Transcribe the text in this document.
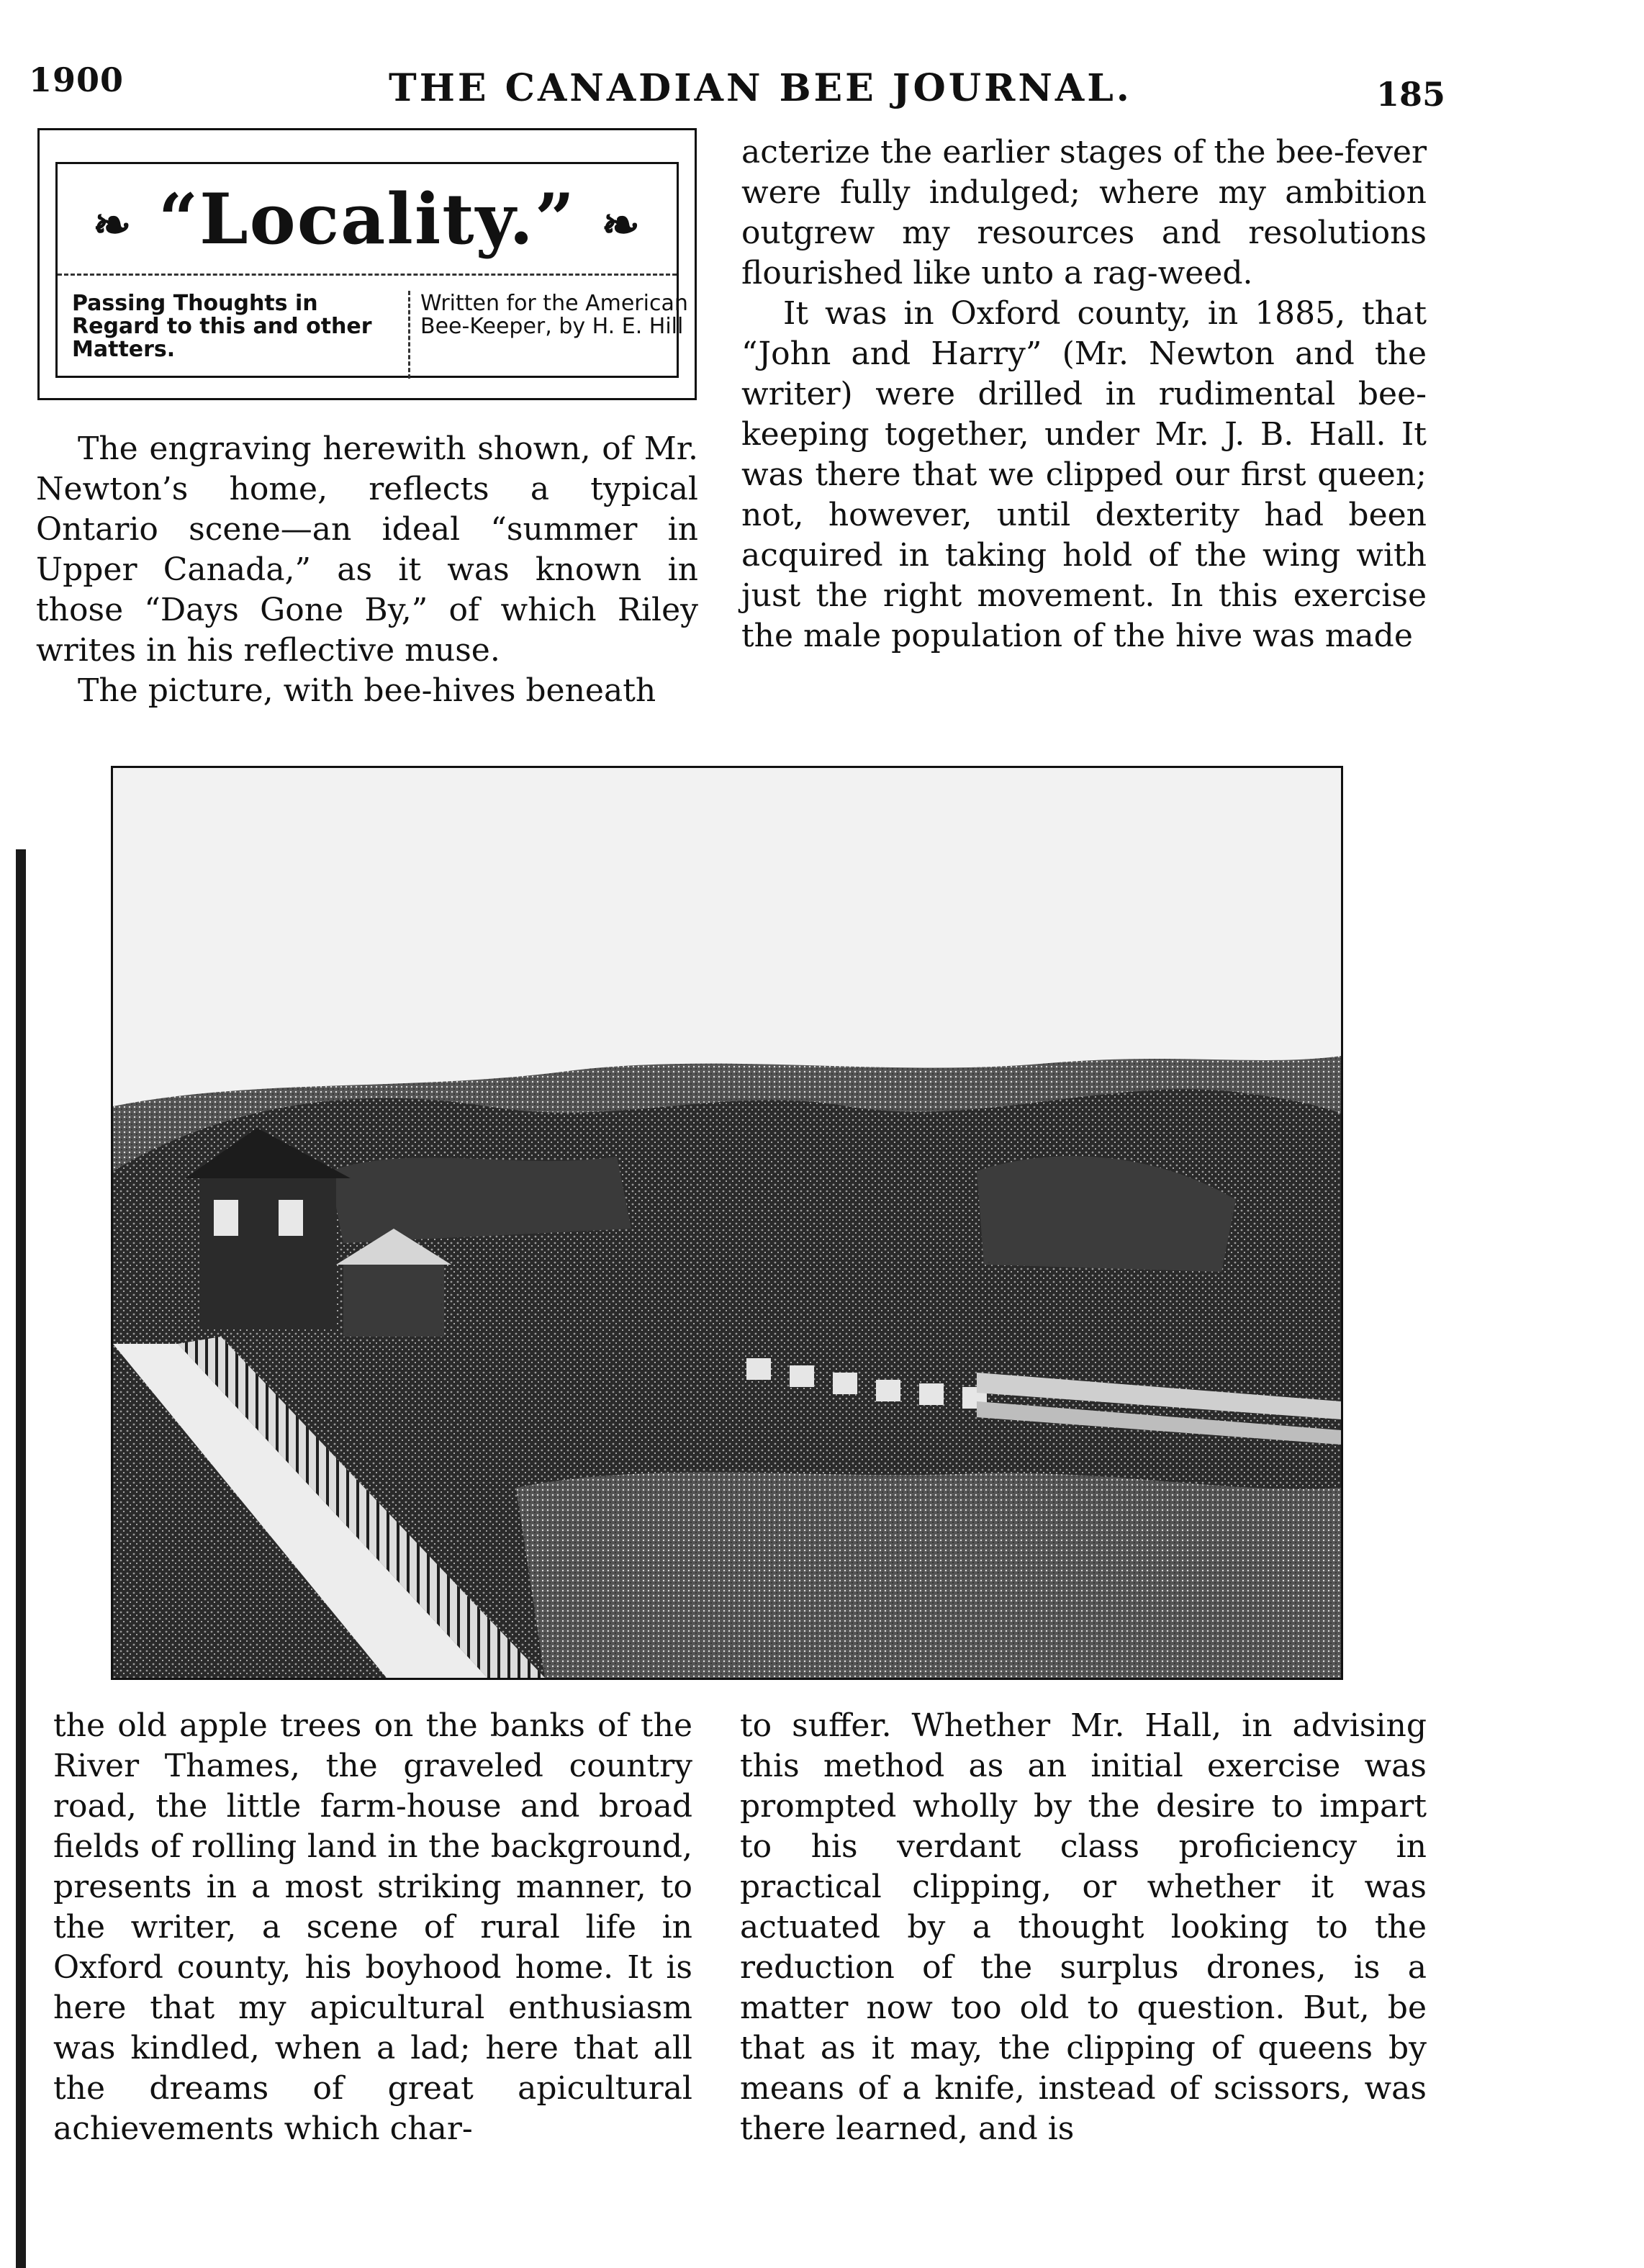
1900	THE CANADIAN BEE JOURNAL.	185
❧ “Locality.” ❧
Passing Thoughts in Regard to this and other Matters.
Written for the American Bee-Keeper, by H. E. Hill

The engraving herewith shown, of Mr. Newton’s home, reflects a typical Ontario scene—an ideal “summer in Upper Canada,” as it was known in those “Days Gone By,” of which Riley writes in his reflective muse.

The picture, with bee-hives beneath

acterize the earlier stages of the bee-fever were fully indulged; where my ambition outgrew my resources and resolutions flourished like unto a rag-weed.

It was in Oxford county, in 1885, that “John and Harry” (Mr. Newton and the writer) were drilled in rudimental bee-keeping together, under Mr. J. B. Hall. It was there that we clipped our first queen; not, however, until dexterity had been acquired in taking hold of the wing with just the right movement. In this exercise the male population of the hive was made

the old apple trees on the banks of the River Thames, the graveled country road, the little farm-house and broad fields of rolling land in the background, presents in a most striking manner, to the writer, a scene of rural life in Oxford county, his boyhood home. It is here that my apicultural enthusiasm was kindled, when a lad; here that all the dreams of great apicultural achievements which char-

to suffer. Whether Mr. Hall, in advising this method as an initial exercise was prompted wholly by the desire to impart to his verdant class proficiency in practical clipping, or whether it was actuated by a thought looking to the reduction of the surplus drones, is a matter now too old to question. But, be that as it may, the clipping of queens by means of a knife, instead of scissors, was there learned, and is
